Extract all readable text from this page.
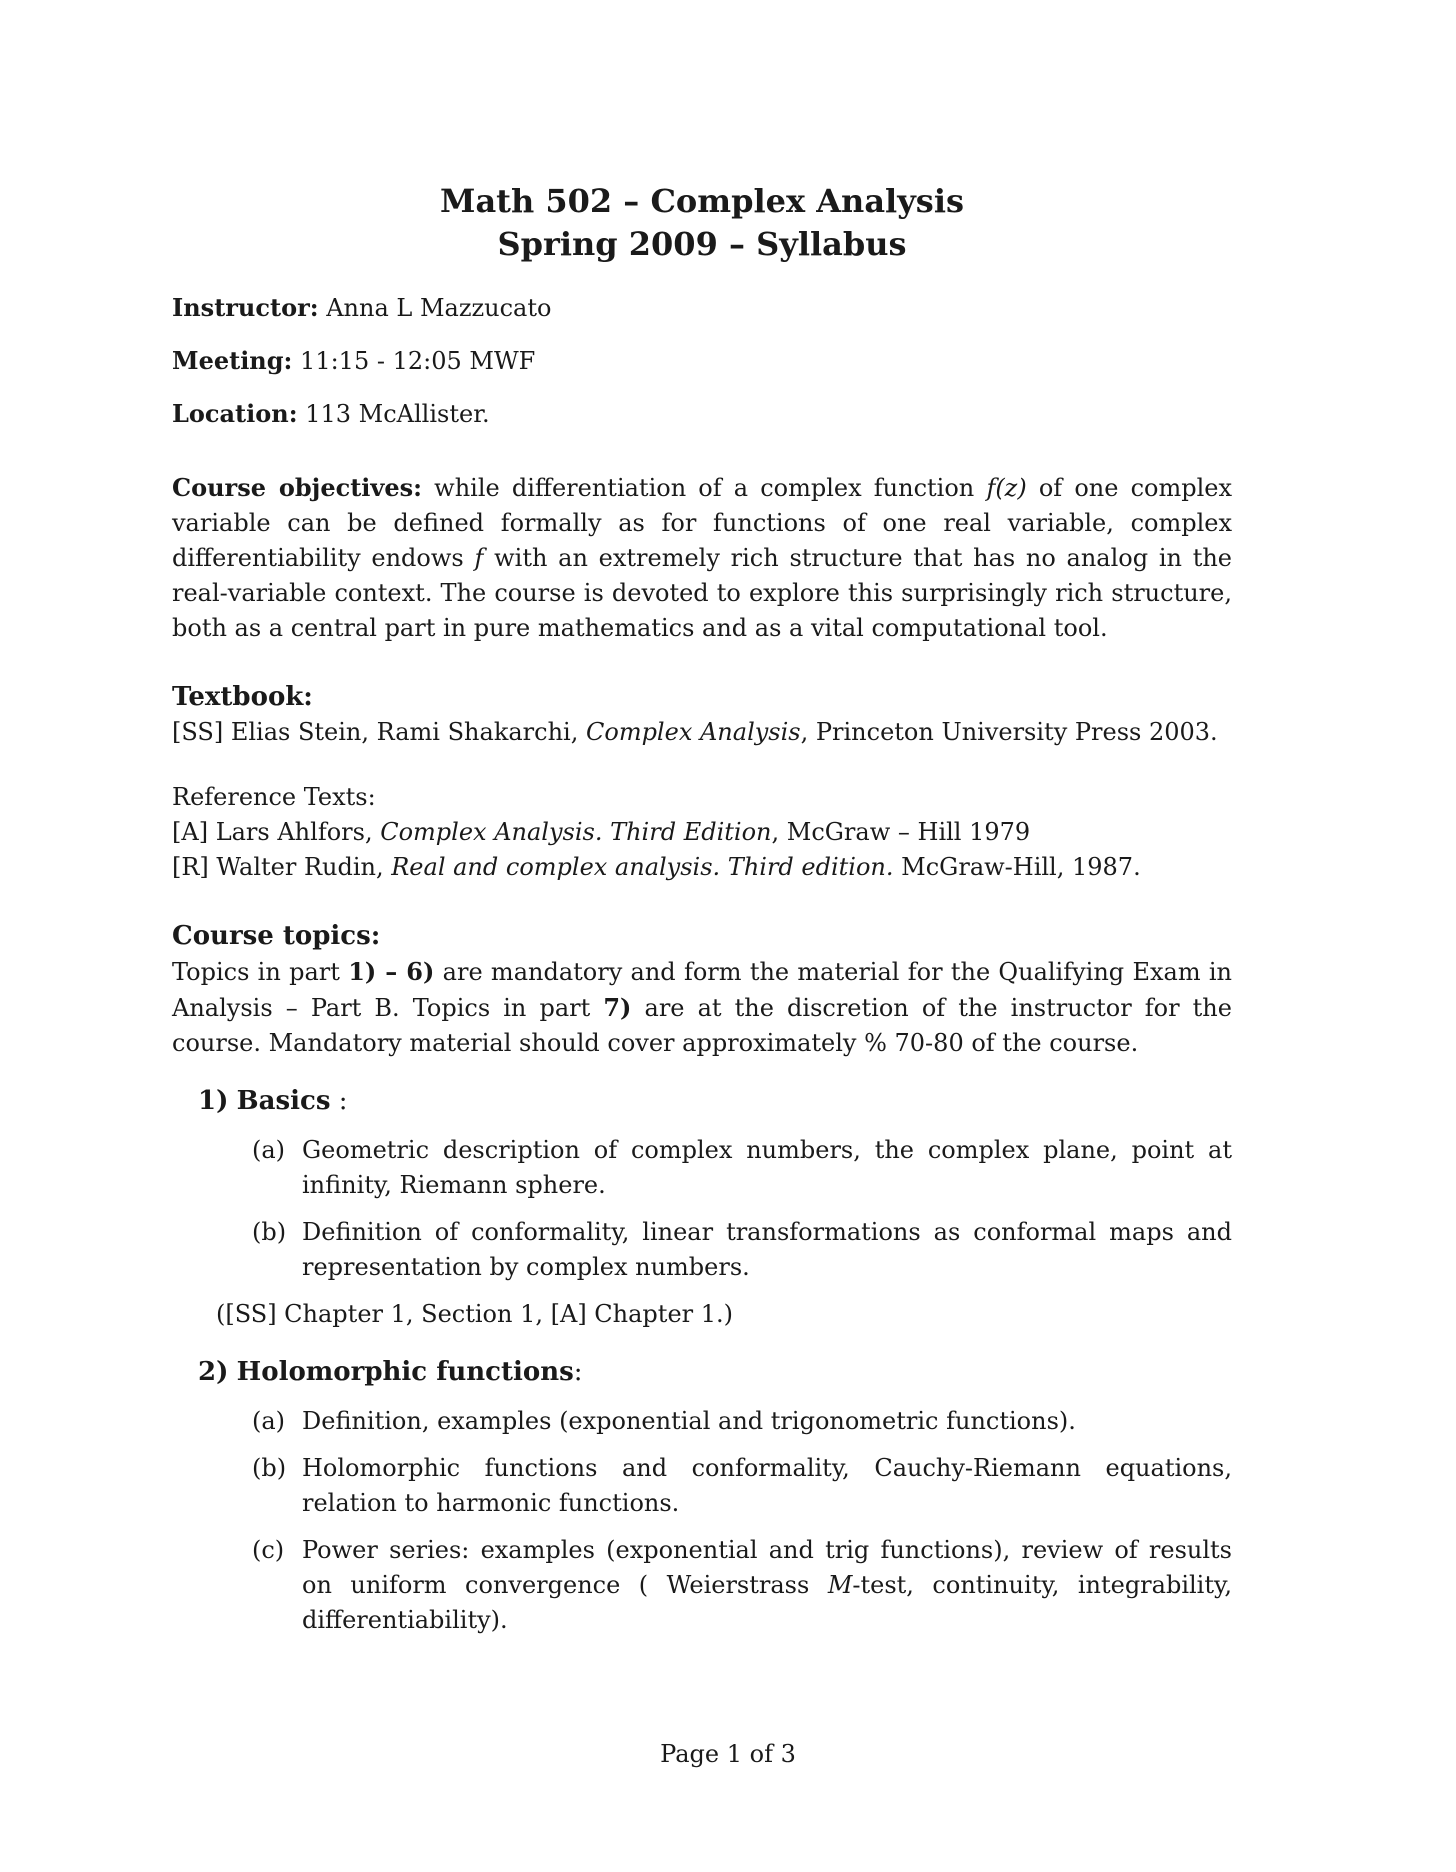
Math 502 – Complex Analysis
Spring 2009 – Syllabus
Instructor: Anna L Mazzucato
Meeting: 11:15 - 12:05 MWF
Location: 113 McAllister.

Course objectives: while differentiation of a complex function f(z) of one complex variable can be defined formally as for functions of one real variable, complex differentiability endows f with an extremely rich structure that has no analog in the real-variable context. The course is devoted to explore this surprisingly rich structure, both as a central part in pure mathematics and as a vital computational tool.

Textbook:
[SS] Elias Stein, Rami Shakarchi, Complex Analysis, Princeton University Press 2003.
Reference Texts:
[A] Lars Ahlfors, Complex Analysis. Third Edition, McGraw – Hill 1979
[R] Walter Rudin, Real and complex analysis. Third edition. McGraw-Hill, 1987.
Course topics:

Topics in part 1) – 6) are mandatory and form the material for the Qualifying Exam in Analysis – Part B. Topics in part 7) are at the discretion of the instructor for the course. Mandatory material should cover approximately % 70-80 of the course.

1) Basics :
(a) Geometric description of complex numbers, the complex plane, point at infinity, Riemann sphere.
(b) Definition of conformality, linear transformations as conformal maps and representation by complex numbers.
([SS] Chapter 1, Section 1, [A] Chapter 1.)
2) Holomorphic functions:
(a) Definition, examples (exponential and trigonometric functions).
(b) Holomorphic functions and conformality, Cauchy-Riemann equations, relation to harmonic functions.
(c) Power series: examples (exponential and trig functions), review of results on uniform convergence ( Weierstrass M-test, continuity, integrability, differentiability).
Page 1 of 3
